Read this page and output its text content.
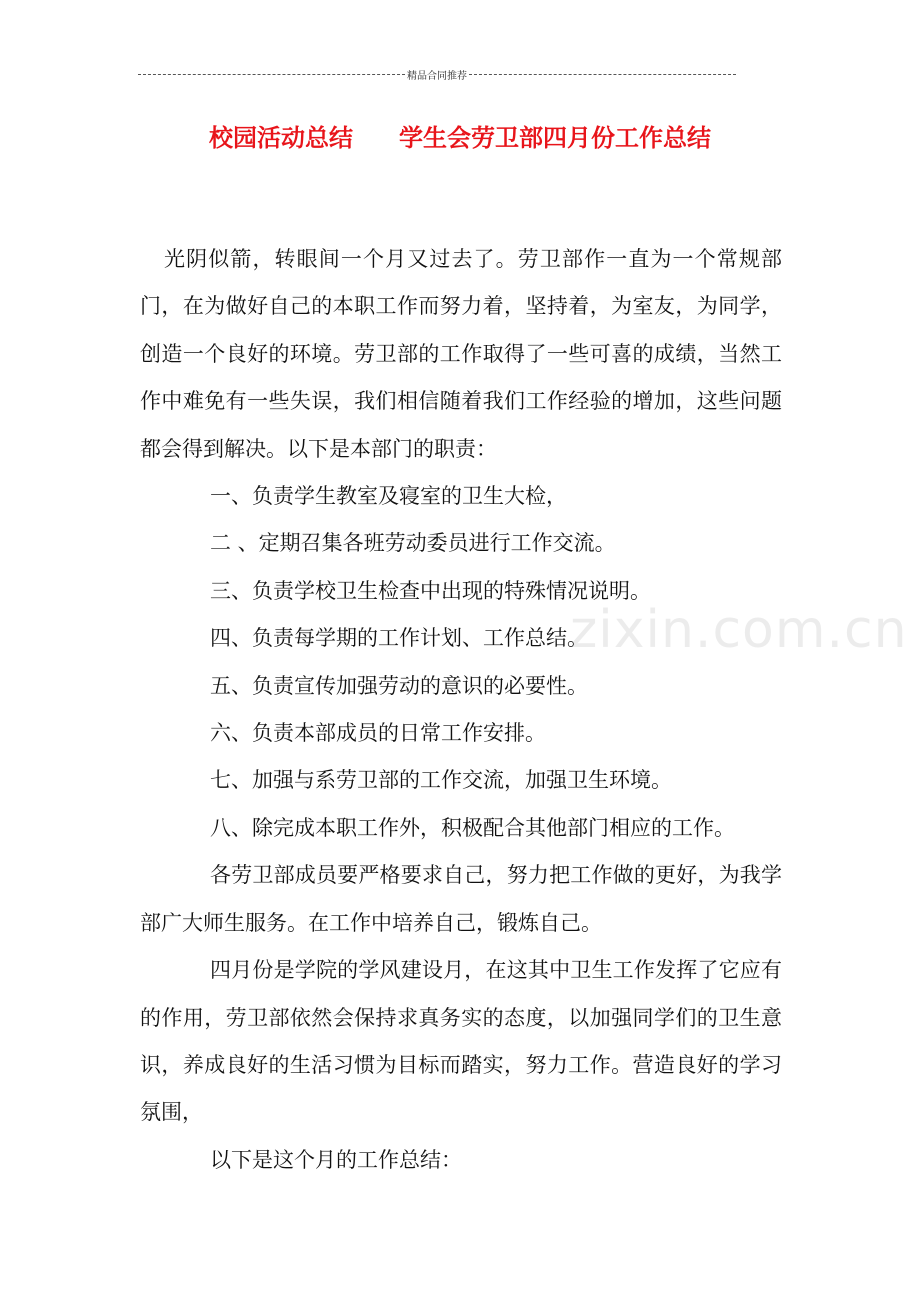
精品合同推荐
校园活动总结 学生会劳卫部四月份工作总结
zixin.com.cn

光阴似箭，转眼间一个月又过去了。劳卫部作一直为一个常规部门，在为做好自己的本职工作而努力着，坚持着，为室友，为同学，创造一个良好的环境。劳卫部的工作取得了一些可喜的成绩，当然工作中难免有一些失误，我们相信随着我们工作经验的增加，这些问题都会得到解决。以下是本部门的职责：

一、负责学生教室及寝室的卫生大检，

二 、定期召集各班劳动委员进行工作交流。

三、负责学校卫生检查中出现的特殊情况说明。

四、负责每学期的工作计划、工作总结。

五、负责宣传加强劳动的意识的必要性。

六、负责本部成员的日常工作安排。

七、加强与系劳卫部的工作交流，加强卫生环境。

八、除完成本职工作外，积极配合其他部门相应的工作。

各劳卫部成员要严格要求自己，努力把工作做的更好，为我学部广大师生服务。在工作中培养自己，锻炼自己。

四月份是学院的学风建设月，在这其中卫生工作发挥了它应有的作用，劳卫部依然会保持求真务实的态度，以加强同学们的卫生意识，养成良好的生活习惯为目标而踏实，努力工作。营造良好的学习氛围，

以下是这个月的工作总结：
